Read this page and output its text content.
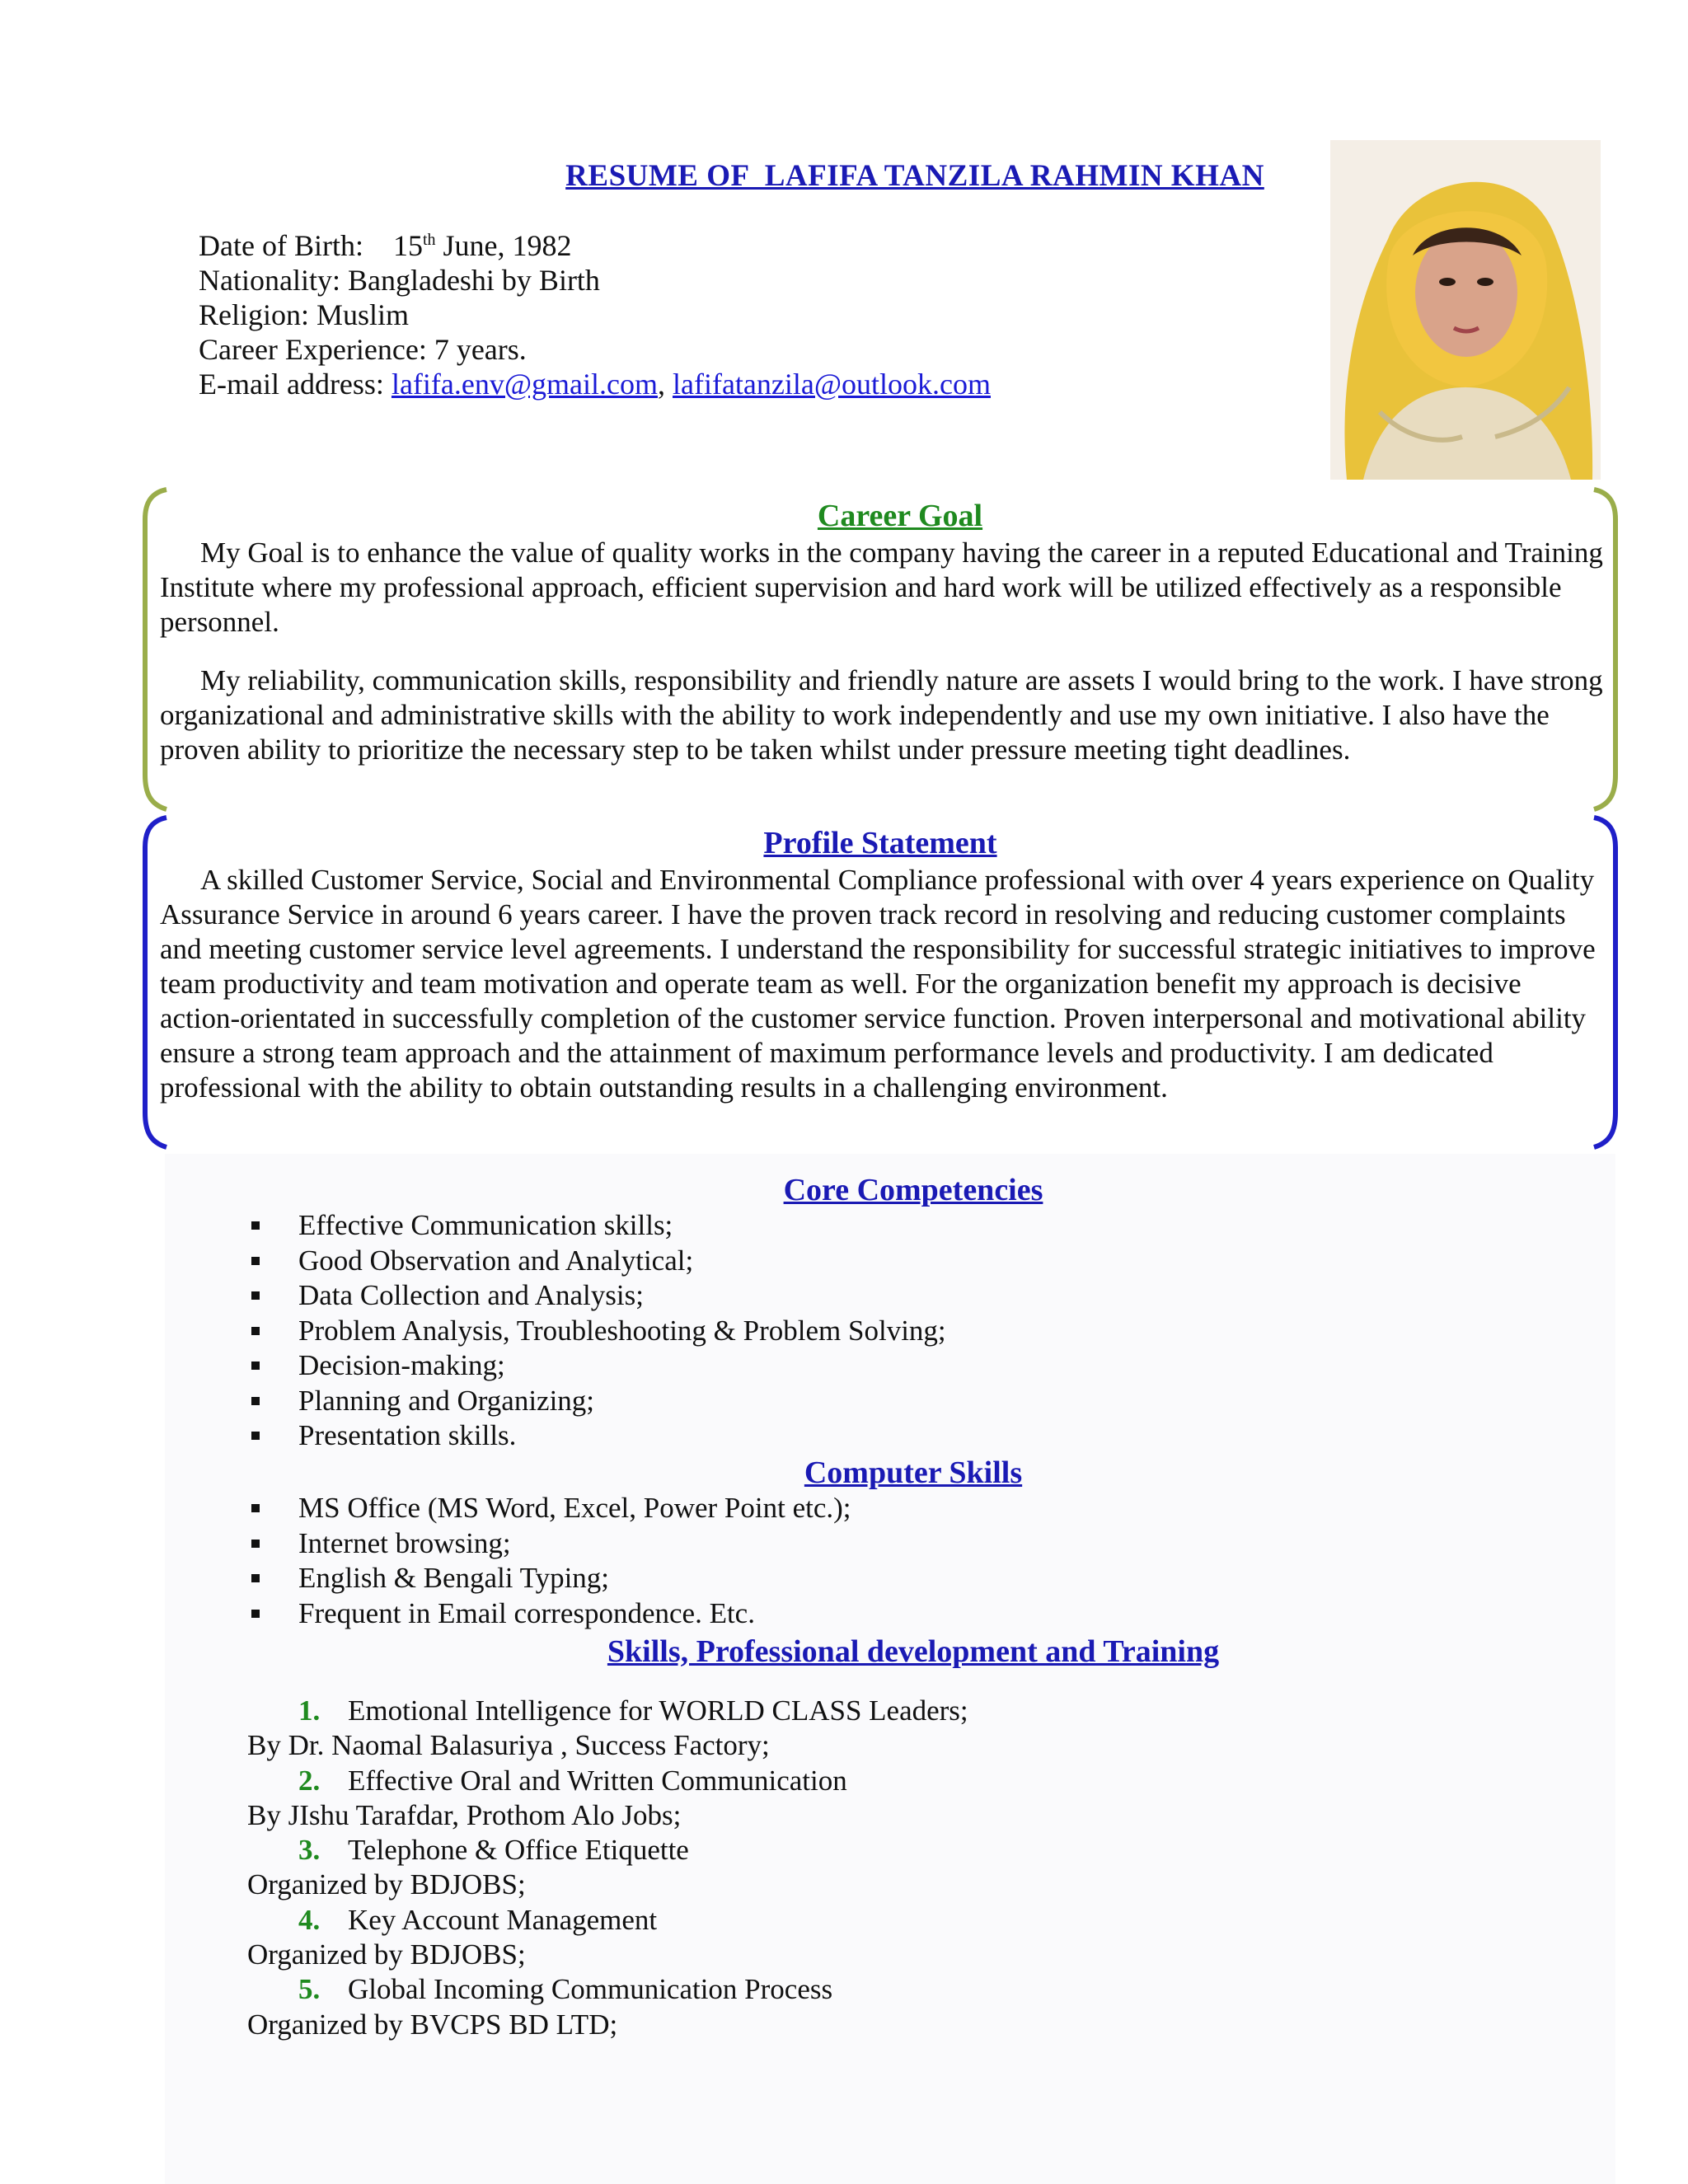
RESUME OF  LAFIFA TANZILA RAHMIN KHAN
Date of Birth: 15th June, 1982
Nationality: Bangladeshi by Birth
Religion: Muslim
Career Experience: 7 years.
E-mail address: lafifa.env@gmail.com, lafifatanzila@outlook.com
Career Goal
My Goal is to enhance the value of quality works in the company having the career in a reputed Educational and Training Institute where my professional approach, efficient supervision and hard work will be utilized effectively as a responsible personnel.
My reliability, communication skills, responsibility and friendly nature are assets I would bring to the work. I have strong organizational and administrative skills with the ability to work independently and use my own initiative. I also have the proven ability to prioritize the necessary step to be taken whilst under pressure meeting tight deadlines.
Profile Statement
A skilled Customer Service, Social and Environmental Compliance professional with over 4 years experience on Quality Assurance Service in around 6 years career. I have the proven track record in resolving and reducing customer complaints and meeting customer service level agreements. I understand the responsibility for successful strategic initiatives to improve team productivity and team motivation and operate team as well. For the organization benefit my approach is decisive action-orientated in successfully completion of the customer service function. Proven interpersonal and motivational ability ensure a strong team approach and the attainment of maximum performance levels and productivity. I am dedicated professional with the ability to obtain outstanding results in a challenging environment.
Core Competencies
Effective Communication skills;
Good Observation and Analytical;
Data Collection and Analysis;
Problem Analysis, Troubleshooting & Problem Solving;
Decision-making;
Planning and Organizing;
Presentation skills.
Computer Skills
MS Office (MS Word, Excel, Power Point etc.);
Internet browsing;
English & Bengali Typing;
Frequent in Email correspondence. Etc.
Skills, Professional development and Training
1. Emotional Intelligence for WORLD CLASS Leaders;
By Dr. Naomal Balasuriya , Success Factory;
2. Effective Oral and Written Communication
By JIshu Tarafdar, Prothom Alo Jobs;
3. Telephone & Office Etiquette
Organized by BDJOBS;
4. Key Account Management
Organized by BDJOBS;
5. Global Incoming Communication Process
Organized by BVCPS BD LTD;
